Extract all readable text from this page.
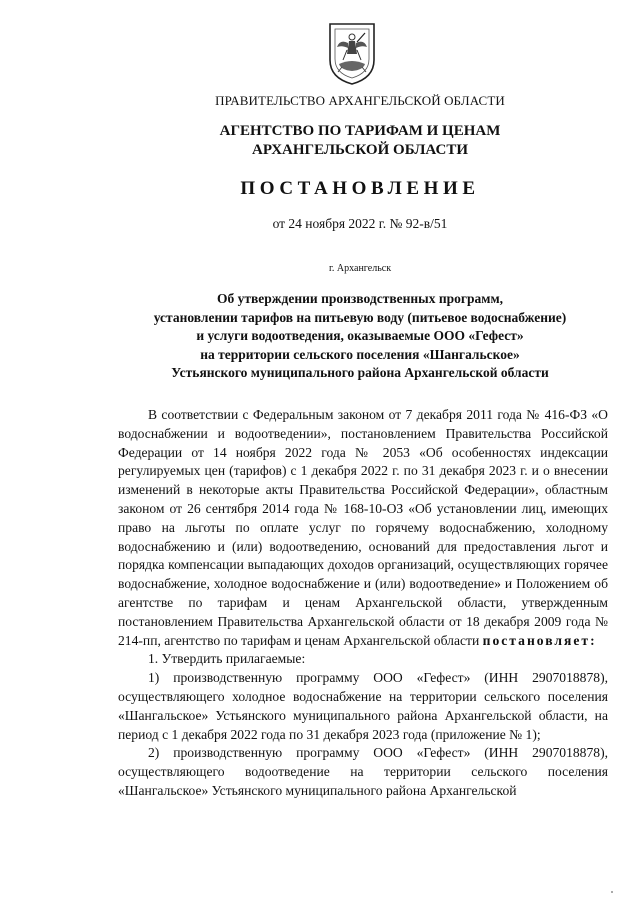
ПРАВИТЕЛЬСТВО АРХАНГЕЛЬСКОЙ ОБЛАСТИ
АГЕНТСТВО ПО ТАРИФАМ И ЦЕНАМ
АРХАНГЕЛЬСКОЙ ОБЛАСТИ
ПОСТАНОВЛЕНИЕ
от 24 ноября 2022 г. № 92-в/51
г. Архангельск
Об утверждении производственных программ,
установлении тарифов на питьевую воду (питьевое водоснабжение)
и услуги водоотведения, оказываемые ООО «Гефест»
на территории сельского поселения «Шангальское»
Устьянского муниципального района Архангельской области

В соответствии с Федеральным законом от 7 декабря 2011 года № 416-ФЗ «О водоснабжении и водоотведении», постановлением Правительства Российской Федерации от 14 ноября 2022 года № 2053 «Об особенностях индексации регулируемых цен (тарифов) с 1 декабря 2022 г. по 31 декабря 2023 г. и о внесении изменений в некоторые акты Правительства Российской Федерации», областным законом от 26 сентября 2014 года № 168-10-ОЗ «Об установлении лиц, имеющих право на льготы по оплате услуг по горячему водоснабжению, холодному водоснабжению и (или) водоотведению, оснований для предоставления льгот и порядка компенсации выпадающих доходов организаций, осуществляющих горячее водоснабжение, холодное водоснабжение и (или) водоотведение» и Положением об агентстве по тарифам и ценам Архангельской области, утвержденным постановлением Правительства Архангельской области от 18 декабря 2009 года № 214-пп, агентство по тарифам и ценам Архангельской области постановляет:

1. Утвердить прилагаемые:

1) производственную программу ООО «Гефест» (ИНН 2907018878), осуществляющего холодное водоснабжение на территории сельского поселения «Шангальское» Устьянского муниципального района Архангельской области, на период с 1 декабря 2022 года по 31 декабря 2023 года (приложение № 1);

2) производственную программу ООО «Гефест» (ИНН 2907018878), осуществляющего водоотведение на территории сельского поселения «Шангальское» Устьянского муниципального района Архангельской
